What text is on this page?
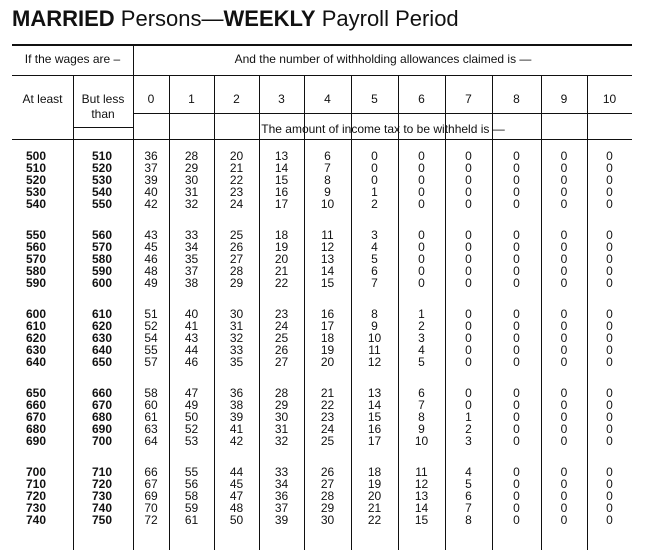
MARRIED Persons—WEEKLY Payroll Period
If the wages are –	And the number of withholding allowances claimed is —
At least	But less than
The amount of income tax to be withheld is —
0	1	2	3	4	5	6	7	8	9	10
500	510	36	28	20	13	6	0	0	0	0	0	0
510	520	37	29	21	14	7	0	0	0	0	0	0
520	530	39	30	22	15	8	0	0	0	0	0	0
530	540	40	31	23	16	9	1	0	0	0	0	0
540	550	42	32	24	17	10	2	0	0	0	0	0
550	560	43	33	25	18	11	3	0	0	0	0	0
560	570	45	34	26	19	12	4	0	0	0	0	0
570	580	46	35	27	20	13	5	0	0	0	0	0
580	590	48	37	28	21	14	6	0	0	0	0	0
590	600	49	38	29	22	15	7	0	0	0	0	0
600	610	51	40	30	23	16	8	1	0	0	0	0
610	620	52	41	31	24	17	9	2	0	0	0	0
620	630	54	43	32	25	18	10	3	0	0	0	0
630	640	55	44	33	26	19	11	4	0	0	0	0
640	650	57	46	35	27	20	12	5	0	0	0	0
650	660	58	47	36	28	21	13	6	0	0	0	0
660	670	60	49	38	29	22	14	7	0	0	0	0
670	680	61	50	39	30	23	15	8	1	0	0	0
680	690	63	52	41	31	24	16	9	2	0	0	0
690	700	64	53	42	32	25	17	10	3	0	0	0
700	710	66	55	44	33	26	18	11	4	0	0	0
710	720	67	56	45	34	27	19	12	5	0	0	0
720	730	69	58	47	36	28	20	13	6	0	0	0
730	740	70	59	48	37	29	21	14	7	0	0	0
740	750	72	61	50	39	30	22	15	8	0	0	0
